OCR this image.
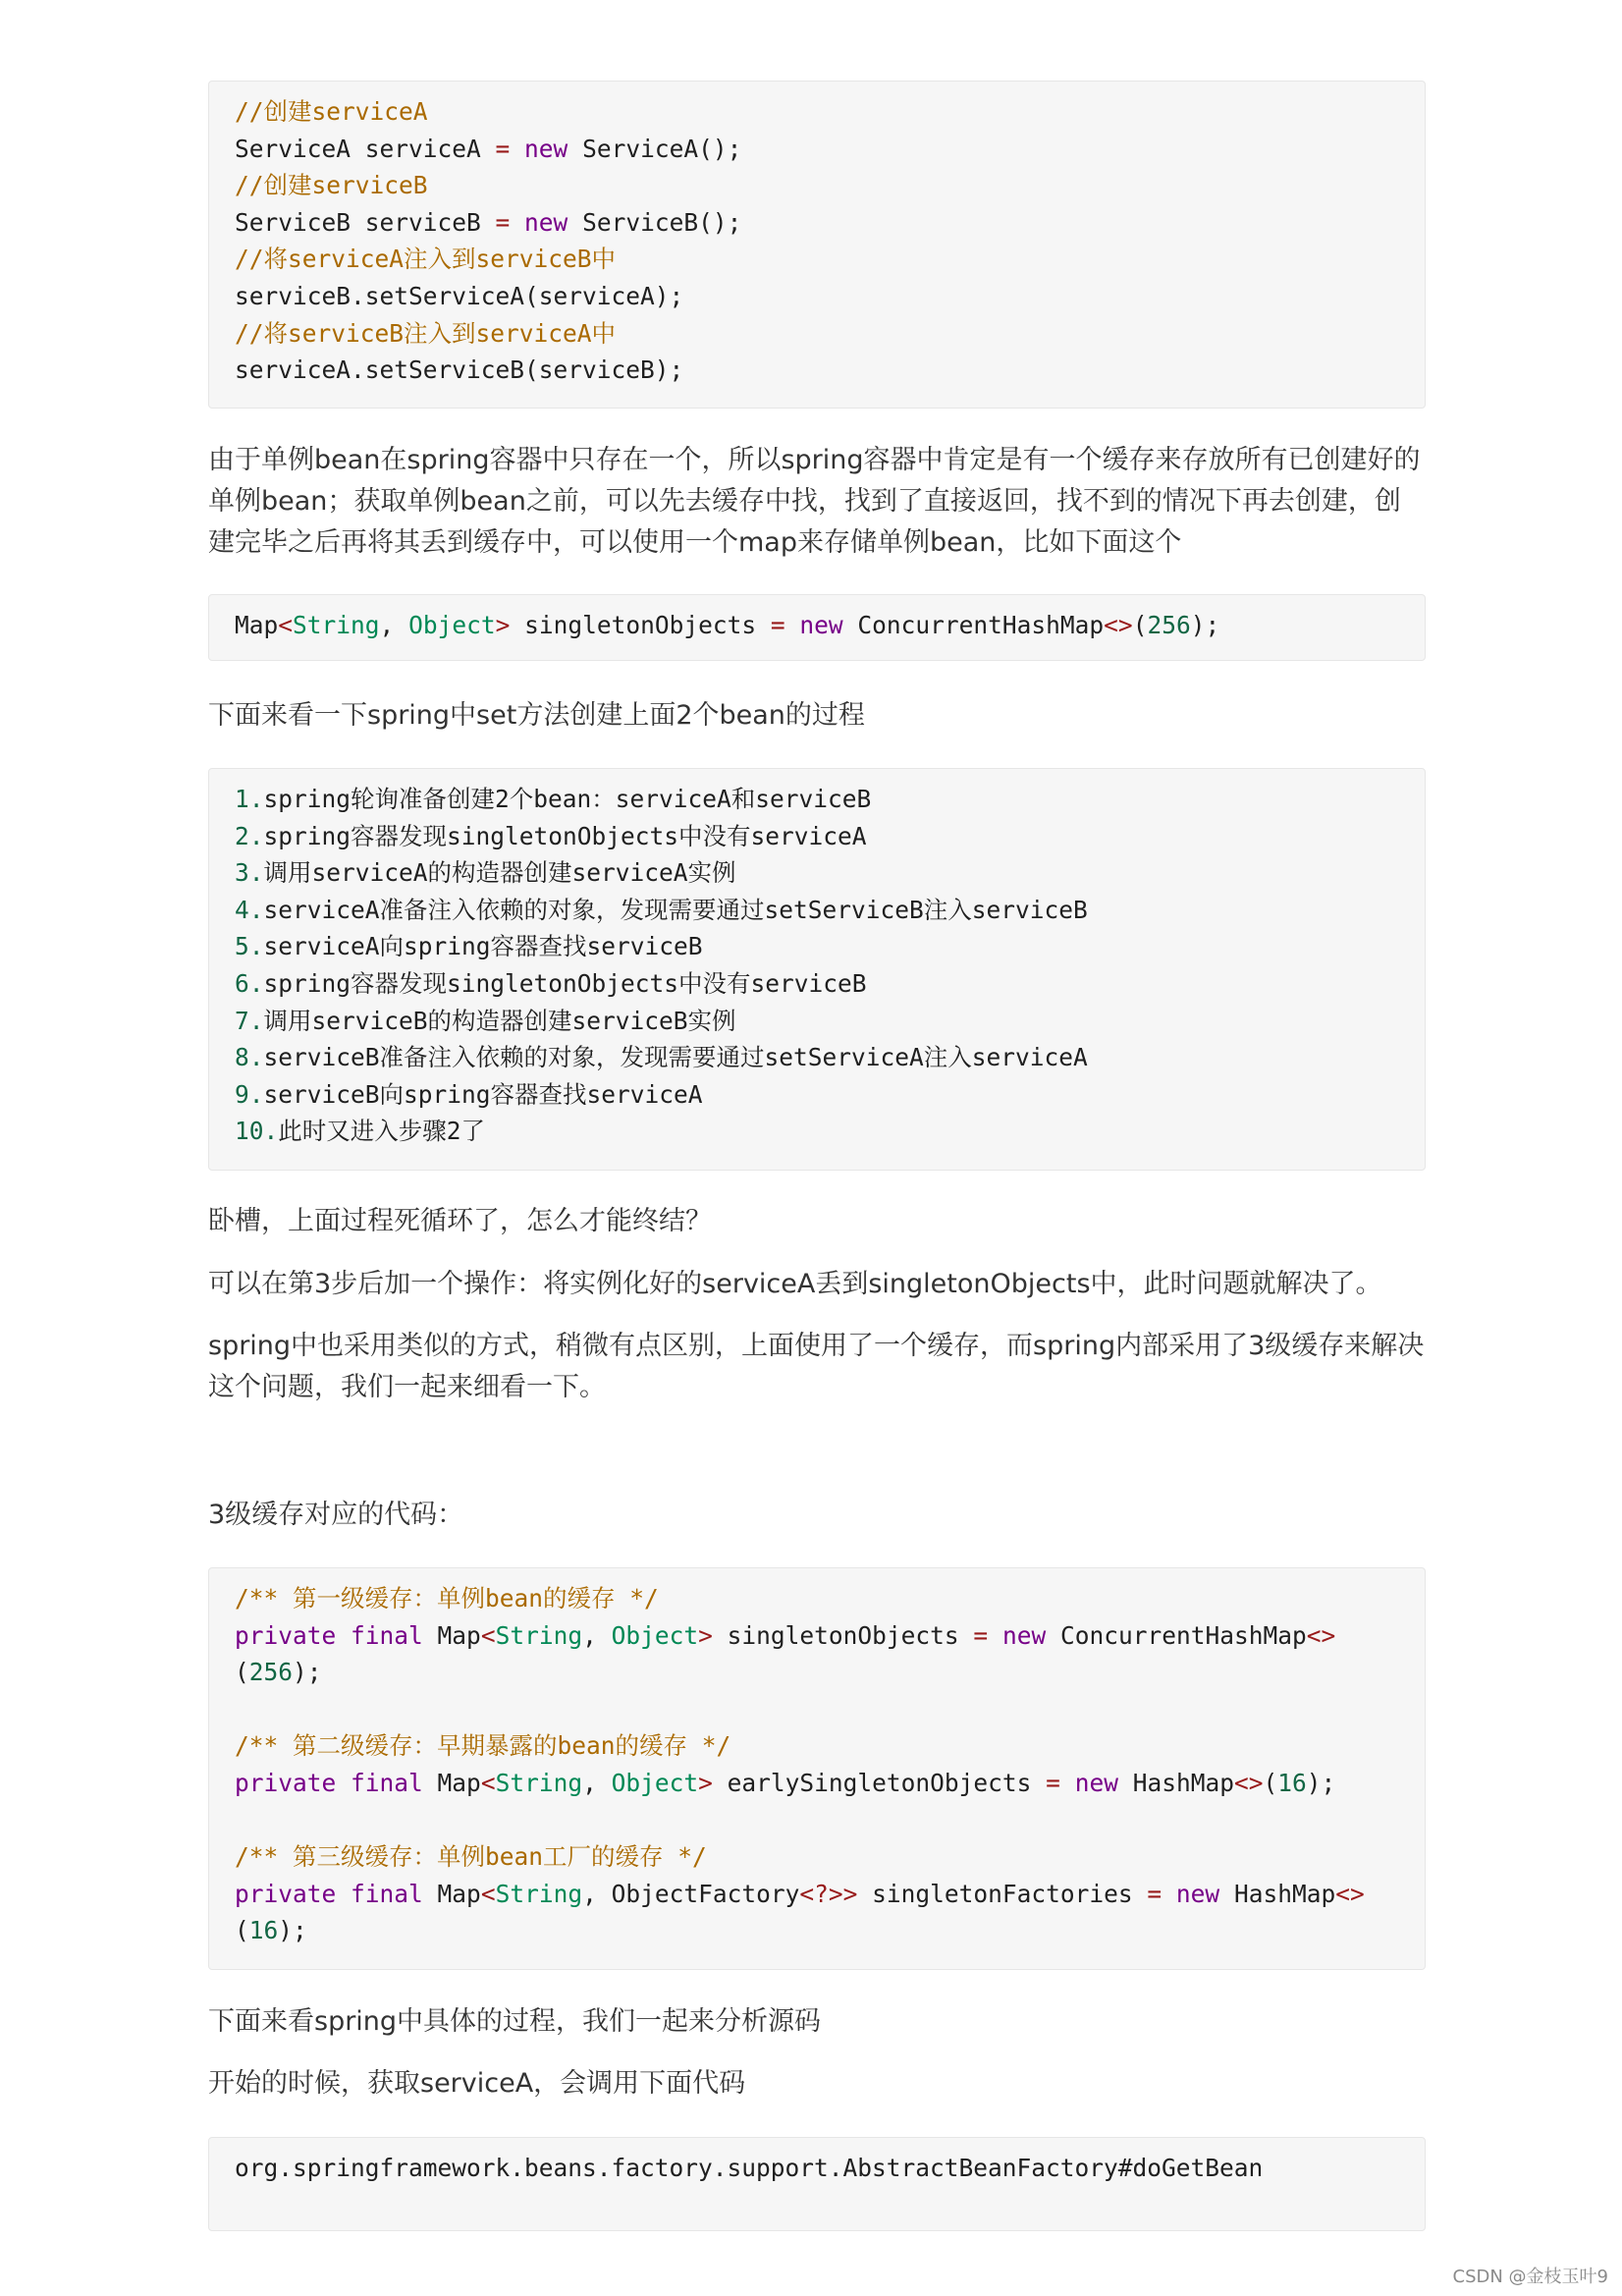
//创建serviceA
ServiceA serviceA = new ServiceA();
//创建serviceB
ServiceB serviceB = new ServiceB();
//将serviceA注入到serviceB中
serviceB.setServiceA(serviceA);
//将serviceB注入到serviceA中
serviceA.setServiceB(serviceB);
由于单例bean在spring容器中只存在一个，所以spring容器中肯定是有一个缓存来存放所有已创建好的单例bean；获取单例bean之前，可以先去缓存中找，找到了直接返回，找不到的情况下再去创建，创建完毕之后再将其丢到缓存中，可以使用一个map来存储单例bean，比如下面这个
Map<String, Object> singletonObjects = new ConcurrentHashMap<>(256);
下面来看一下spring中set方法创建上面2个bean的过程
1.spring轮询准备创建2个bean：serviceA和serviceB
2.spring容器发现singletonObjects中没有serviceA
3.调用serviceA的构造器创建serviceA实例
4.serviceA准备注入依赖的对象，发现需要通过setServiceB注入serviceB
5.serviceA向spring容器查找serviceB
6.spring容器发现singletonObjects中没有serviceB
7.调用serviceB的构造器创建serviceB实例
8.serviceB准备注入依赖的对象，发现需要通过setServiceA注入serviceA
9.serviceB向spring容器查找serviceA
10.此时又进入步骤2了
卧槽，上面过程死循环了，怎么才能终结？
可以在第3步后加一个操作：将实例化好的serviceA丢到singletonObjects中，此时问题就解决了。
spring中也采用类似的方式，稍微有点区别，上面使用了一个缓存，而spring内部采用了3级缓存来解决这个问题，我们一起来细看一下。
3级缓存对应的代码：
/** 第一级缓存：单例bean的缓存 */
private final Map<String, Object> singletonObjects = new ConcurrentHashMap<>
(256);

/** 第二级缓存：早期暴露的bean的缓存 */
private final Map<String, Object> earlySingletonObjects = new HashMap<>(16);

/** 第三级缓存：单例bean工厂的缓存 */
private final Map<String, ObjectFactory<?>> singletonFactories = new HashMap<>
(16);
下面来看spring中具体的过程，我们一起来分析源码
开始的时候，获取serviceA，会调用下面代码
org.springframework.beans.factory.support.AbstractBeanFactory#doGetBean
CSDN @金枝玉叶9
